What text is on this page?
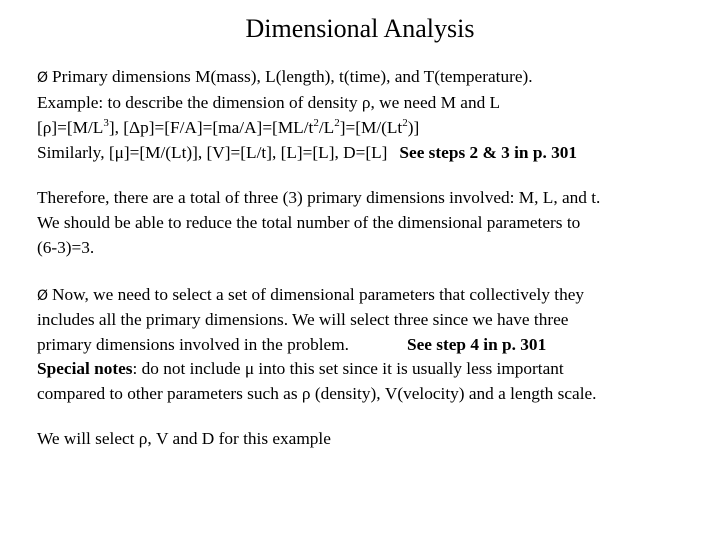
Dimensional Analysis
Ø Primary dimensions M(mass), L(length), t(time), and T(temperature).
Example: to describe the dimension of density ρ, we need M and L
$[\rho]=[M/L^3]$, $[\Delta p]=[F/A]=[ma/A]=[ML/t^2/L^2]=[M/(Lt^2)]$
Similarly, [μ]=[M/(Lt)], [V]=[L/t], [L]=[L], D=[L] See steps 2 & 3 in p. 301
Therefore, there are a total of three (3) primary dimensions involved: M, L, and t.
We should be able to reduce the total number of the dimensional parameters to
(6-3)=3.
Ø Now, we need to select a set of dimensional parameters that collectively they
includes all the primary dimensions. We will select three since we have three
primary dimensions involved in the problem.	See step 4 in p. 301
Special notes: do not include μ into this set since it is usually less important
compared to other parameters such as ρ (density), V(velocity) and a length scale.
We will select ρ, V and D for this example
